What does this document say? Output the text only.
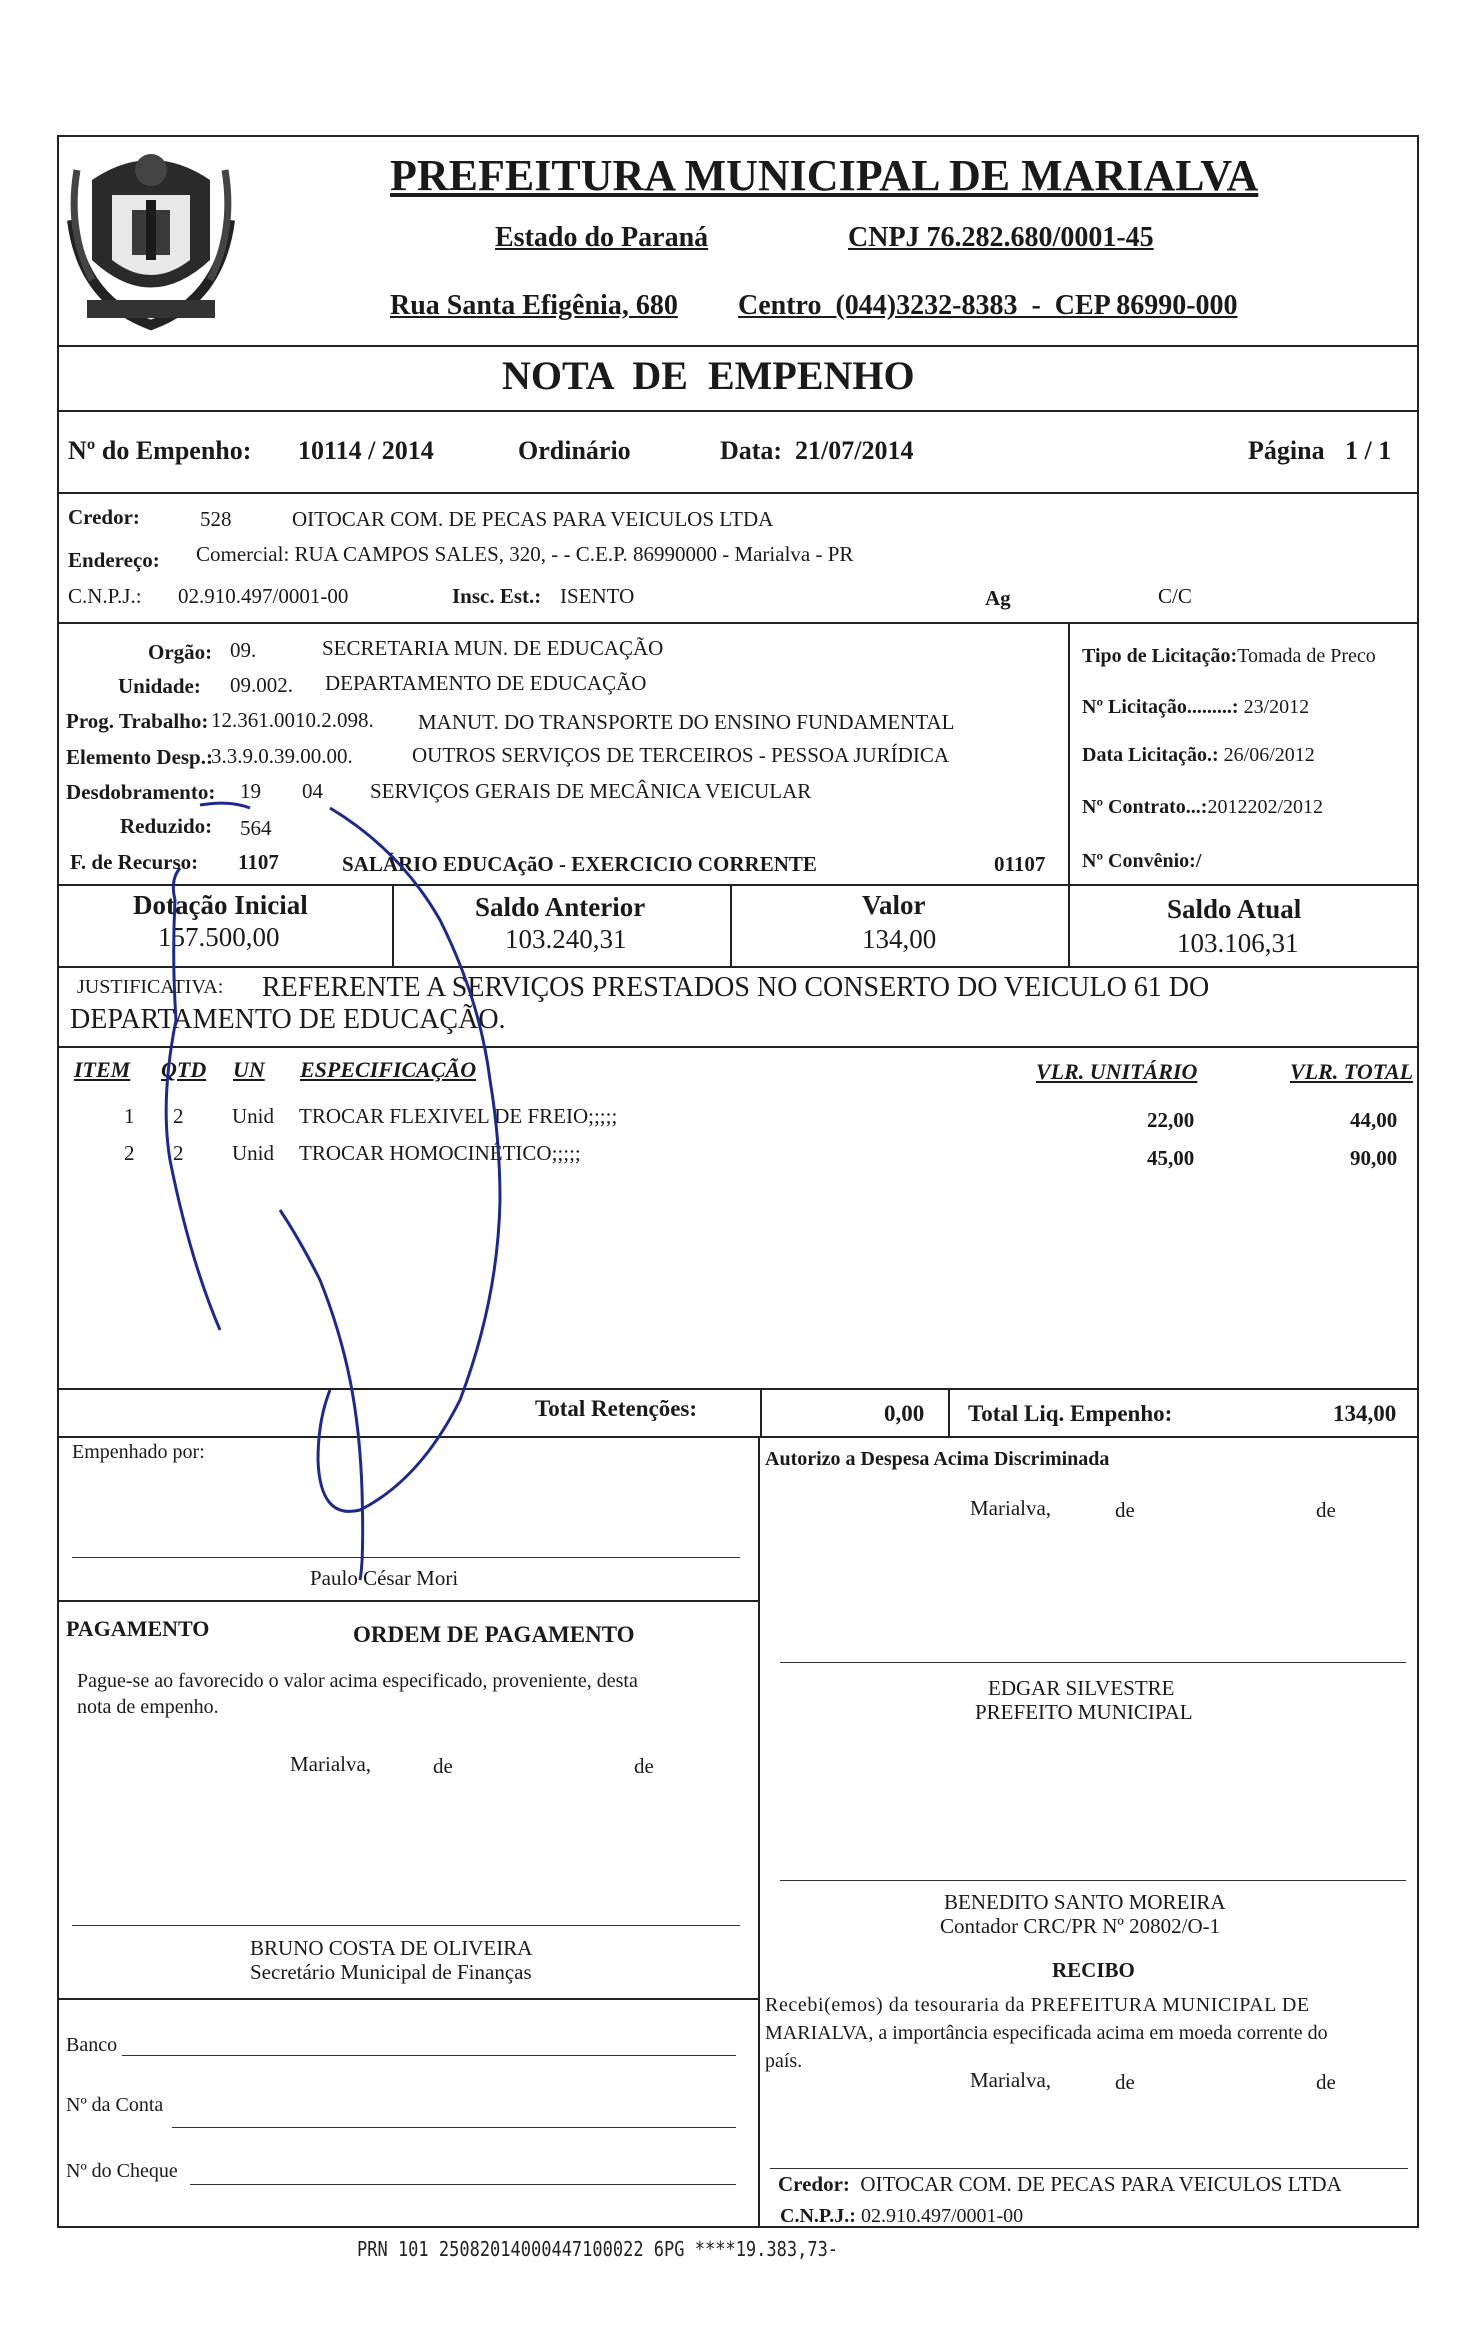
PREFEITURA MUNICIPAL DE MARIALVA
Estado do Paraná	CNPJ 76.282.680/0001-45
Rua Santa Efigênia, 680 Centro  (044)3232-8383  -  CEP 86990-000
NOTA  DE  EMPENHO
Nº do Empenho: 10114 / 2014	Ordinário	Data: 21/07/2014	Página 1 / 1
Credor:	528	OITOCAR COM. DE PECAS PARA VEICULOS LTDA
Endereço: Comercial: RUA CAMPOS SALES, 320, - - C.E.P. 86990000 - Marialva - PR
C.N.P.J.: 02.910.497/0001-00	Insc. Est.: ISENTO	Ag	C/C
Orgão: 09.	SECRETARIA MUN. DE EDUCAÇÃO
Unidade: 09.002. DEPARTAMENTO DE EDUCAÇÃO
Prog. Trabalho: 12.361.0010.2.098. MANUT. DO TRANSPORTE DO ENSINO FUNDAMENTAL
Elemento Desp.:
3.3.9.0.39.00.00.	OUTROS SERVIÇOS DE TERCEIROS - PESSOA JURÍDICA
Desdobramento: 19 04 SERVIÇOS GERAIS DE MECÂNICA VEICULAR
Reduzido: 564
F. de Recurso: 1107	SALÁRIO EDUCAçãO - EXERCICIO CORRENTE	01107
Tipo de Licitação:Tomada de Preco
Nº Licitação.........: 23/2012
Data Licitação.: 26/06/2012
Nº Contrato...:2012202/2012
Nº Convênio:/
Dotação Inicial
157.500,00
Saldo Anterior
103.240,31
Valor
134,00
Saldo Atual
103.106,31
JUSTIFICATIVA: REFERENTE A SERVIÇOS PRESTADOS NO CONSERTO DO VEICULO 61 DO
DEPARTAMENTO DE EDUCAÇÃO.
ITEM QTD UN ESPECIFICAÇÃO	VLR. UNITÁRIO	VLR. TOTAL
1 2 Unid TROCAR FLEXIVEL DE FREIO;;;;;	22,00	44,00
2 2 Unid TROCAR HOMOCINÉTICO;;;;;	45,00	90,00
Total Retenções:	0,00 Total Liq. Empenho:	134,00
Empenhado por:
Paulo César Mori
PAGAMENTO	ORDEM DE PAGAMENTO
Pague-se ao favorecido o valor acima especificado, proveniente, desta
nota de empenho.
Marialva,	de	de
BRUNO COSTA DE OLIVEIRA
Secretário Municipal de Finanças
Banco
Nº da Conta
Nº do Cheque
Autorizo a Despesa Acima Discriminada
Marialva,	de	de
EDGAR SILVESTRE
PREFEITO MUNICIPAL
BENEDITO SANTO MOREIRA
Contador CRC/PR Nº 20802/O-1
RECIBO
Recebi(emos) da tesouraria da PREFEITURA MUNICIPAL DE
MARIALVA, a importância especificada acima em moeda corrente do
país.
Marialva,	de	de
Credor: OITOCAR COM. DE PECAS PARA VEICULOS LTDA
C.N.P.J.: 02.910.497/0001-00
PRN 101 25082014000447100022 6PG ****19.383,73-
